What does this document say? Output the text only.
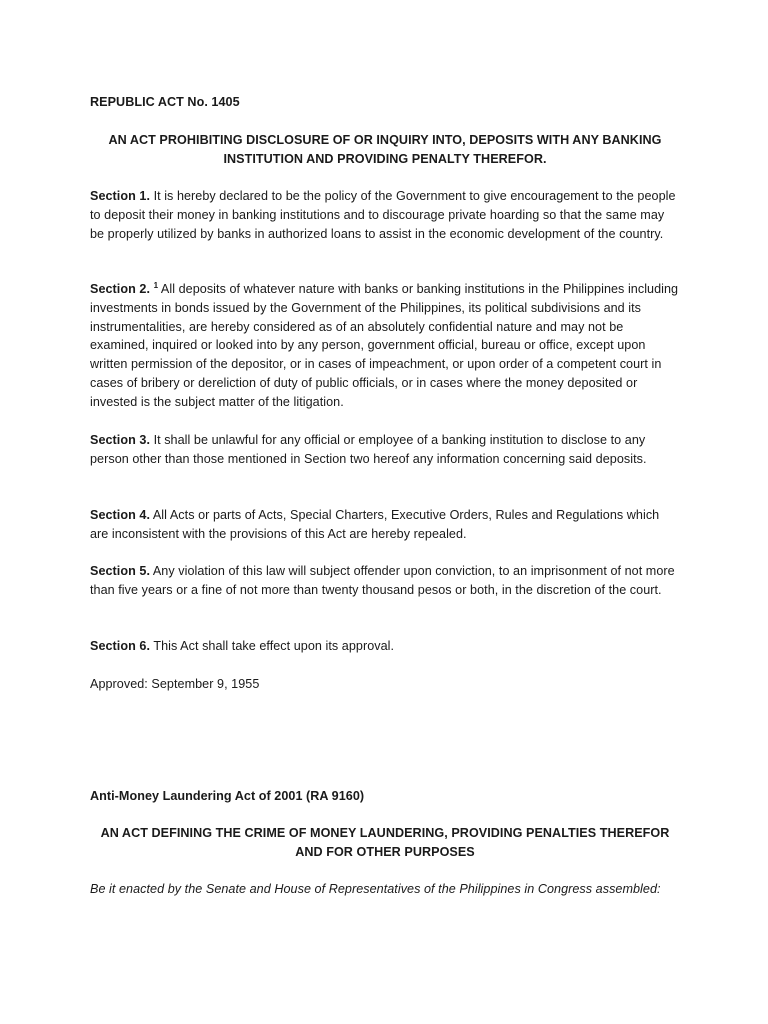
REPUBLIC ACT No. 1405
AN ACT PROHIBITING DISCLOSURE OF OR INQUIRY INTO, DEPOSITS WITH ANY BANKING
INSTITUTION AND PROVIDING PENALTY THEREFOR.
Section 1. It is hereby declared to be the policy of the Government to give encouragement to the people to deposit their money in banking institutions and to discourage private hoarding so that the same may be properly utilized by banks in authorized loans to assist in the economic development of the country.
Section 2. $^1$ All deposits of whatever nature with banks or banking institutions in the Philippines including investments in bonds issued by the Government of the Philippines, its political subdivisions and its instrumentalities, are hereby considered as of an absolutely confidential nature and may not be examined, inquired or looked into by any person, government official, bureau or office, except upon written permission of the depositor, or in cases of impeachment, or upon order of a competent court in cases of bribery or dereliction of duty of public officials, or in cases where the money deposited or invested is the subject matter of the litigation.
Section 3. It shall be unlawful for any official or employee of a banking institution to disclose to any person other than those mentioned in Section two hereof any information concerning said deposits.
Section 4. All Acts or parts of Acts, Special Charters, Executive Orders, Rules and Regulations which are inconsistent with the provisions of this Act are hereby repealed.
Section 5. Any violation of this law will subject offender upon conviction, to an imprisonment of not more than five years or a fine of not more than twenty thousand pesos or both, in the discretion of the court.
Section 6. This Act shall take effect upon its approval.
Approved: September 9, 1955
Anti-Money Laundering Act of 2001 (RA 9160)
AN ACT DEFINING THE CRIME OF MONEY LAUNDERING, PROVIDING PENALTIES THEREFOR
AND FOR OTHER PURPOSES
Be it enacted by the Senate and House of Representatives of the Philippines in Congress assembled:
